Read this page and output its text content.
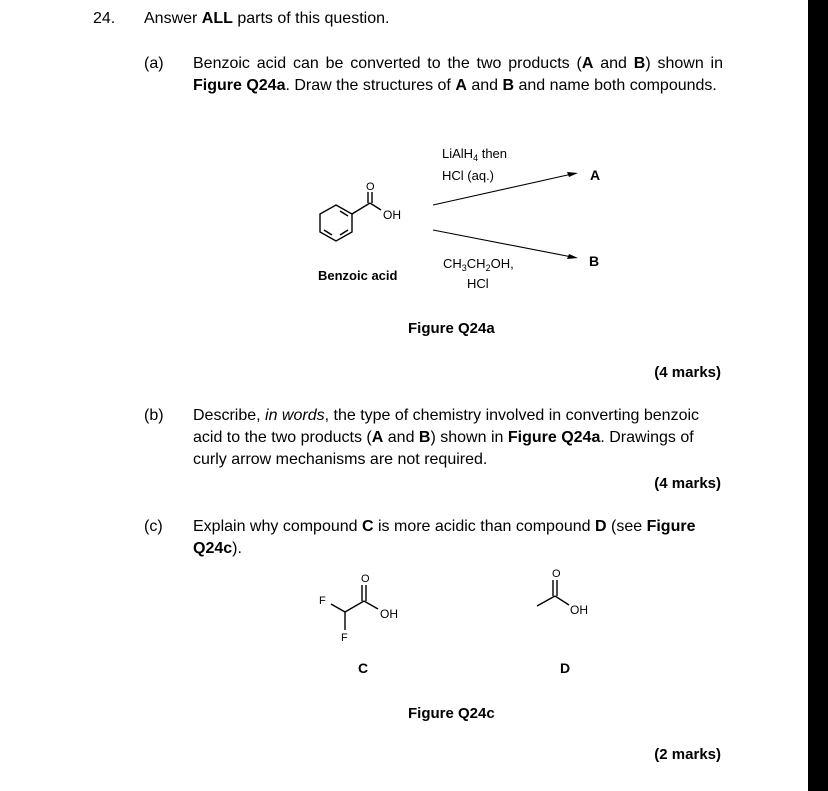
24. Answer ALL parts of this question.
(a) Benzoic acid can be converted to the two products (A and B) shown in Figure Q24a. Draw the structures of A and B and name both compounds.
O
OH
LiAlH$_4$ then
HCl (aq.)
$CH_3CH_2OH$,
HCl
A
B
Benzoic acid
Figure Q24a
(4 marks)
(b) Describe, in words, the type of chemistry involved in converting benzoic acid to the two products (A and B) shown in Figure Q24a. Drawings of curly arrow mechanisms are not required.
(4 marks)
(c) Explain why compound C is more acidic than compound D (see Figure Q24c).
F
F
O
OH
O
OH
C	D
Figure Q24c
(2 marks)
